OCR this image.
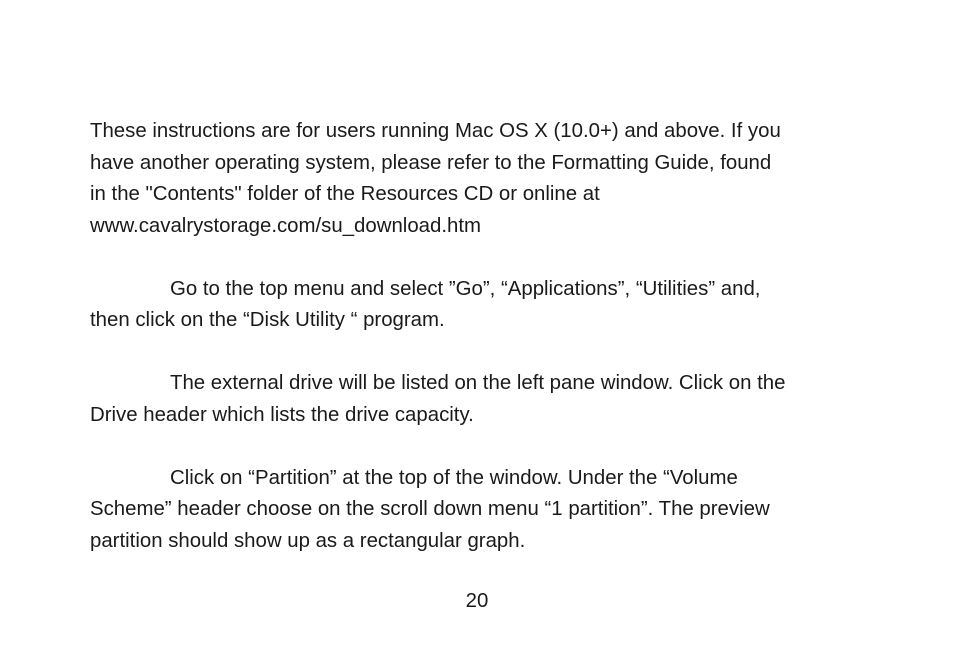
These instructions are for users running Mac OS X (10.0+) and above. If you
have another operating system, please refer to the Formatting Guide, found
in the "Contents" folder of the Resources CD or online at
www.cavalrystorage.com/su_download.htm

Go to the top menu and select ”Go”, “Applications”, “Utilities” and,
then click on the “Disk Utility “ program.

The external drive will be listed on the left pane window. Click on the
Drive header which lists the drive capacity.

Click on “Partition” at the top of the window. Under the “Volume
Scheme” header choose on the scroll down menu “1 partition”. The preview
partition should show up as a rectangular graph.

20
